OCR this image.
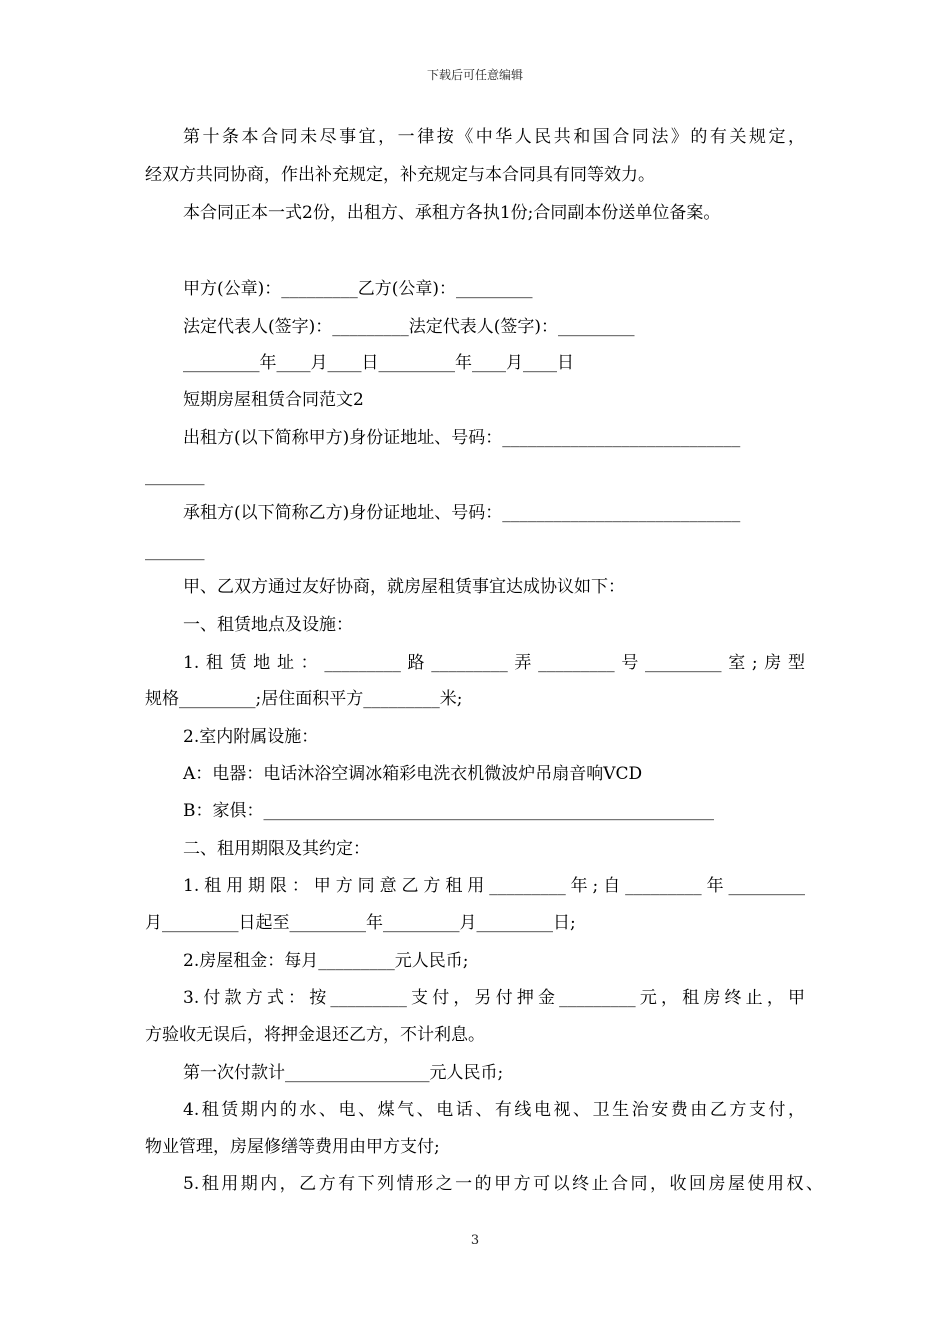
下载后可任意编辑
第十条本合同未尽事宜，一律按《中华人民共和国合同法》的有关规定，
经双方共同协商，作出补充规定，补充规定与本合同具有同等效力。
本合同正本一式2份，出租方、承租方各执1份;合同副本份送单位备案。
甲方(公章)：_________乙方(公章)：_________
法定代表人(签字)：_________法定代表人(签字)：_________
_________年____月____日_________年____月____日
短期房屋租赁合同范文2
出租方(以下简称甲方)身份证地址、号码：____________________________
_______
承租方(以下简称乙方)身份证地址、号码：____________________________
_______
甲、乙双方通过友好协商，就房屋租赁事宜达成协议如下：
一、租赁地点及设施：
1.租赁地址：_________路_________弄_________号_________室;房型
规格_________;居住面积平方_________米;
2.室内附属设施：
A：电器：电话沐浴空调冰箱彩电洗衣机微波炉吊扇音响VCD
B：家俱：_____________________________________________________
二、租用期限及其约定：
1.租用期限：甲方同意乙方租用_________年;自_________年_________
月_________日起至_________年_________月_________日;
2.房屋租金：每月_________元人民币;
3.付款方式：按_________支付，另付押金_________元，租房终止，甲
方验收无误后，将押金退还乙方，不计利息。
第一次付款计_________________元人民币;
4.租赁期内的水、电、煤气、电话、有线电视、卫生治安费由乙方支付，
物业管理，房屋修缮等费用由甲方支付;
5.租用期内，乙方有下列情形之一的甲方可以终止合同，收回房屋使用权、
3
